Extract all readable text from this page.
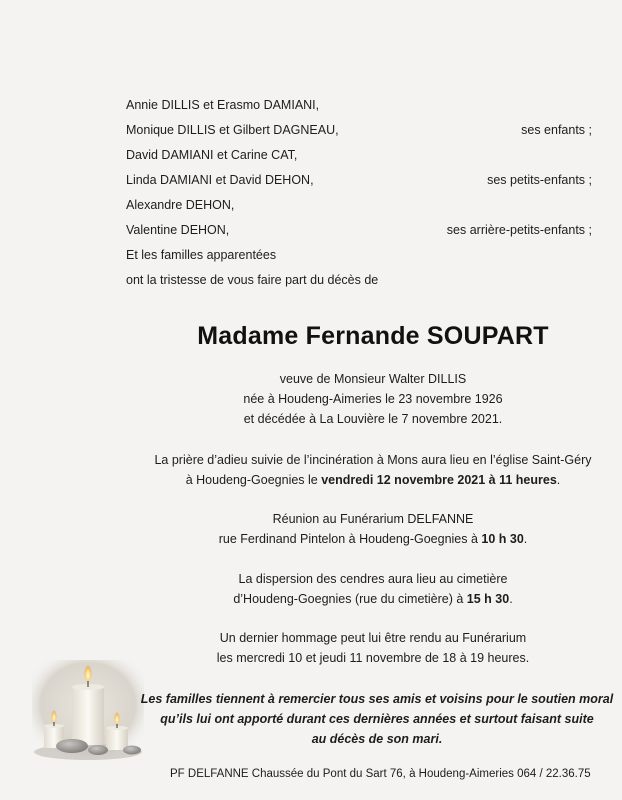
Annie DILLIS et Erasmo DAMIANI,
Monique DILLIS et Gilbert DAGNEAU,	ses enfants ;
David DAMIANI et Carine CAT,
Linda DAMIANI et David DEHON,	ses petits-enfants ;
Alexandre DEHON,
Valentine DEHON,	ses arrière-petits-enfants ;
Et les familles apparentées
ont la tristesse de vous faire part du décès de
Madame Fernande SOUPART
veuve de Monsieur Walter DILLIS
née à Houdeng-Aimeries le 23 novembre 1926
et décédée à La Louvière le 7 novembre 2021.
La prière d’adieu suivie de l’incinération à Mons aura lieu en l’église Saint-Géry
à Houdeng-Goegnies le vendredi 12 novembre 2021 à 11 heures.
Réunion au Funérarium DELFANNE
rue Ferdinand Pintelon à Houdeng-Goegnies à 10 h 30.
La dispersion des cendres aura lieu au cimetière
d’Houdeng-Goegnies (rue du cimetière) à 15 h 30.
Un dernier hommage peut lui être rendu au Funérarium
les mercredi 10 et jeudi 11 novembre de 18 à 19 heures.
Les familles tiennent à remercier tous ses amis et voisins pour le soutien moral
qu’ils lui ont apporté durant ces dernières années et surtout faisant suite
au décès de son mari.
PF DELFANNE Chaussée du Pont du Sart 76, à Houdeng-Aimeries 064 / 22.36.75
